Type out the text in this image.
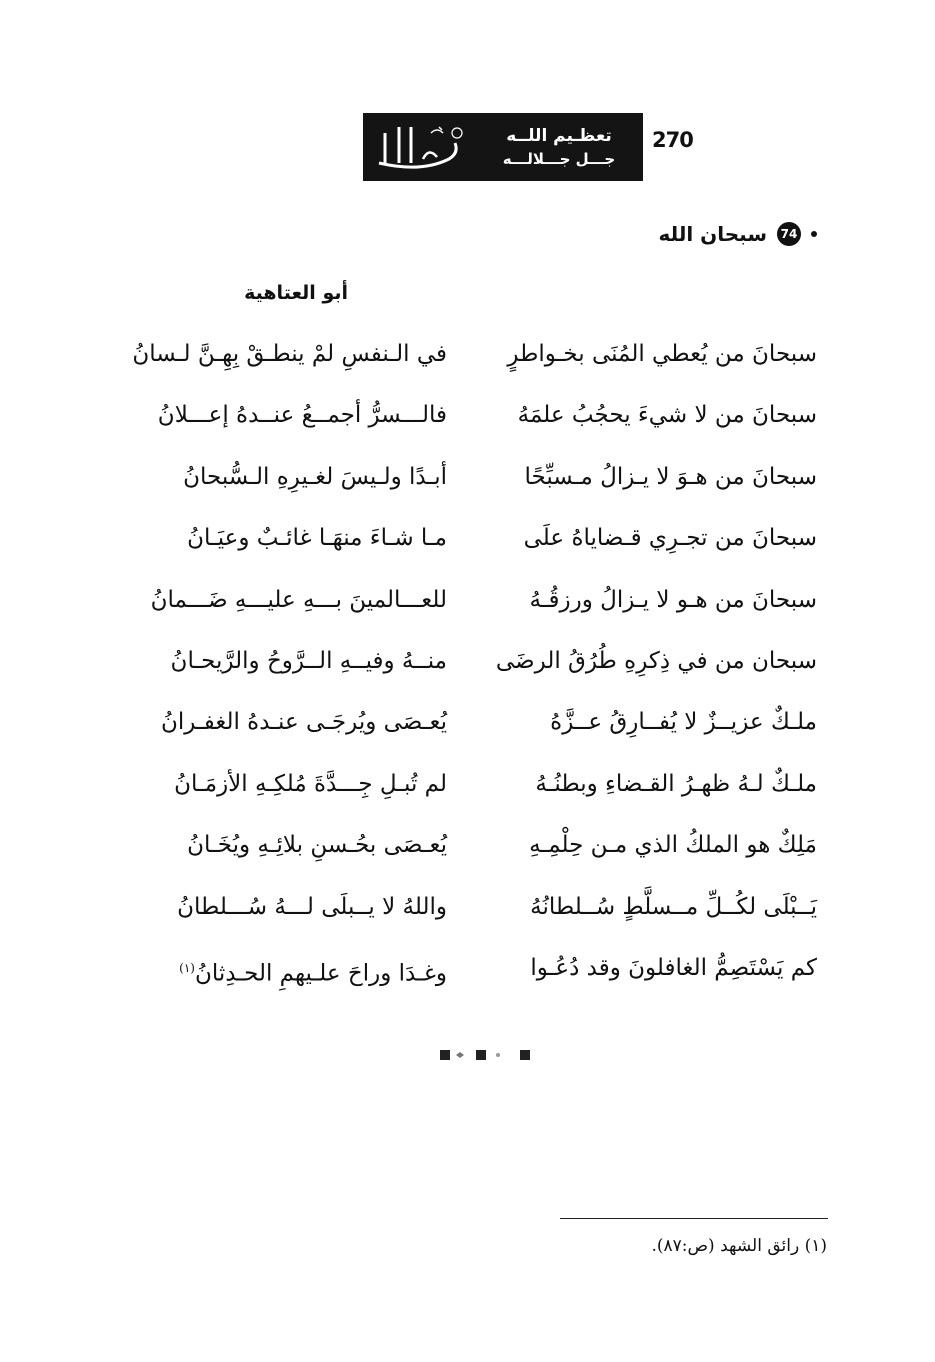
تعظـيم اللــه
جـــل جـــلالـــه
270
74
سبحان الله
أبو العتاهية
سبحانَ من يُعطي المُنَى بخـواطرٍ
في الـنفسِ لمْ ينطـقْ بِهِـنَّ لـسانُ
سبحانَ من لا شيءَ يحجُبُ علمَهُ
فالـــسرُّ أجمــعُ عنــدهُ إعـــلانُ
سبحانَ من هـوَ لا يـزالُ مـسبِّحًا
أبـدًا ولـيسَ لغـيرِهِ الـسُّبحانُ
سبحانَ من تجـرِي قـضاياهُ علَى
مـا شـاءَ منهَـا غائـبٌ وعيَـانُ
سبحانَ من هـو لا يـزالُ ورزقُـهُ
للعـــالمينَ بـــهِ عليـــهِ ضَـــمانُ
سبحان من في ذِكرِهِ طُرُقُ الرضَى
منــهُ وفيــهِ الــرَّوحُ والرَّيحـانُ
ملـكٌ عزيــزٌ لا يُفــارِقُ عــزَّهُ
يُعـصَى ويُرجَـى عنـدهُ الغفـرانُ
ملـكٌ لـهُ ظهـرُ القـضاءِ وبطنُـهُ
لم تُبـلِ جِـــدَّةَ مُلكِـهِ الأزمَـانُ
مَلِكٌ هو الملكُ الذي مـن حِلْمِـهِ
يُعـصَى بحُـسنِ بلائِـهِ ويُخَـانُ
يَــبْلَى لكُــلِّ مــسلَّطٍ سُــلطانُهُ
واللهُ لا يــبلَى لـــهُ سُـــلطانُ
كم يَسْتَصِمُّ الغافلونَ وقد دُعُـوا
وغـدَا وراحَ علـيهمِ الحـدِثانُ$^{(١)}$
(١) رائق الشهد (ص:٨٧).
